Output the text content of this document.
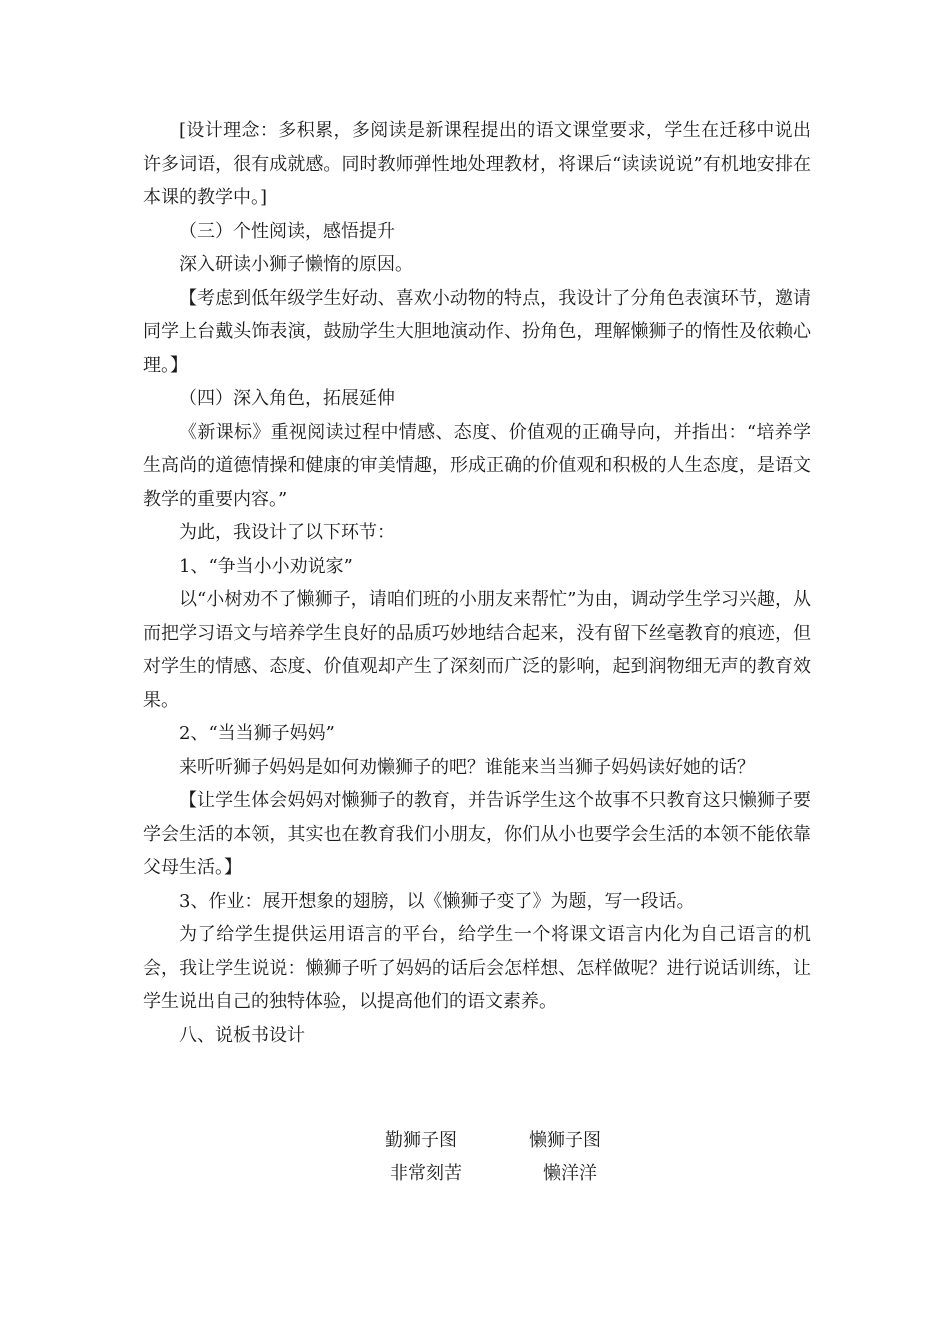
[设计理念：多积累，多阅读是新课程提出的语文课堂要求，学生在迁移中说出许多词语，很有成就感。同时教师弹性地处理教材，将课后“读读说说”有机地安排在本课的教学中。]

（三）个性阅读，感悟提升

深入研读小狮子懒惰的原因。

【考虑到低年级学生好动、喜欢小动物的特点，我设计了分角色表演环节，邀请同学上台戴头饰表演，鼓励学生大胆地演动作、扮角色，理解懒狮子的惰性及依赖心理。】

（四）深入角色，拓展延伸

《新课标》重视阅读过程中情感、态度、价值观的正确导向，并指出：“培养学生高尚的道德情操和健康的审美情趣，形成正确的价值观和积极的人生态度，是语文教学的重要内容。”

为此，我设计了以下环节：

1、“争当小小劝说家”

以“小树劝不了懒狮子，请咱们班的小朋友来帮忙”为由，调动学生学习兴趣，从而把学习语文与培养学生良好的品质巧妙地结合起来，没有留下丝毫教育的痕迹，但对学生的情感、态度、价值观却产生了深刻而广泛的影响，起到润物细无声的教育效果。

2、“当当狮子妈妈”

来听听狮子妈妈是如何劝懒狮子的吧？谁能来当当狮子妈妈读好她的话？

【让学生体会妈妈对懒狮子的教育，并告诉学生这个故事不只教育这只懒狮子要学会生活的本领，其实也在教育我们小朋友，你们从小也要学会生活的本领不能依靠父母生活。】

3、作业：展开想象的翅膀，以《懒狮子变了》为题，写一段话。

为了给学生提供运用语言的平台，给学生一个将课文语言内化为自己语言的机会，我让学生说说：懒狮子听了妈妈的话后会怎样想、怎样做呢？进行说话训练，让学生说出自己的独特体验，以提高他们的语文素养。

八、说板书设计

勤狮子图	懒狮子图
非常刻苦	懒洋洋
